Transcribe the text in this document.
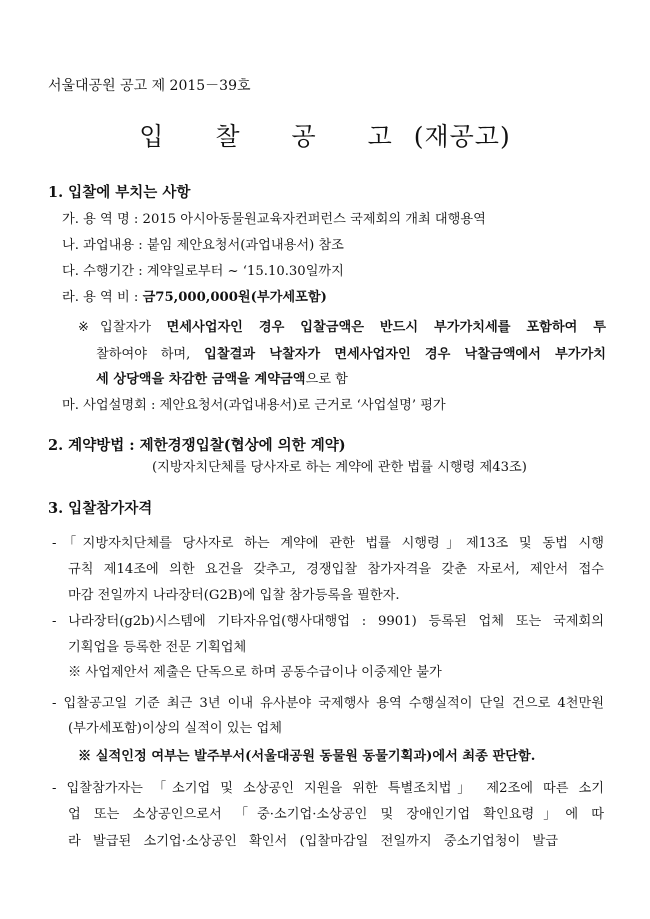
서울대공원 공고 제 2015－39호
입 찰 공 고(재공고)
1. 입찰에 부치는 사항
가. 용 역 명 : 2015 아시아동물원교육자컨퍼런스 국제회의 개최 대행용역
나. 과업내용 : 붙임 제안요청서(과업내용서) 참조
다. 수행기간 : 계약일로부터 ~ ‘15.10.30일까지
라. 용 역 비 : 금75,000,000원(부가세포함)
※ 입찰자가 면세사업자인 경우 입찰금액은 반드시 부가가치세를 포함하여 투
찰하여야 하며, 입찰결과 낙찰자가 면세사업자인 경우 낙찰금액에서 부가가치
세 상당액을 차감한 금액을 계약금액으로 함
마. 사업설명회 : 제안요청서(과업내용서)로 근거로 ‘사업설명’ 평가
2. 계약방법 : 제한경쟁입찰(협상에 의한 계약)
(지방자치단체를 당사자로 하는 계약에 관한 법률 시행령 제43조)
3. 입찰참가자격
-「지방자치단체를 당사자로 하는 계약에 관한 법률 시행령」제13조 및 동법 시행
규칙 제14조에 의한 요건을 갖추고, 경쟁입찰 참가자격을 갖춘 자로서, 제안서 접수
마감 전일까지 나라장터(G2B)에 입찰 참가등록을 필한자.
- 나라장터(g2b)시스템에 기타자유업(행사대행업 : 9901) 등록된 업체 또는 국제회의
기획업을 등록한 전문 기획업체
※ 사업제안서 제출은 단독으로 하며 공동수급이나 이중제안 불가
- 입찰공고일 기준 최근 3년 이내 유사분야 국제행사 용역 수행실적이 단일 건으로 4천만원
(부가세포함)이상의 실적이 있는 업체
※ 실적인정 여부는 발주부서(서울대공원 동물원 동물기획과)에서 최종 판단함.
- 입찰참가자는 「소기업 및 소상공인 지원을 위한 특별조치법」 제2조에 따른 소기
업 또는 소상공인으로서 「중·소기업·소상공인 및 장애인기업 확인요령」에 따
라 발급된 소기업·소상공인 확인서 (입찰마감일 전일까지 중소기업청이 발급
